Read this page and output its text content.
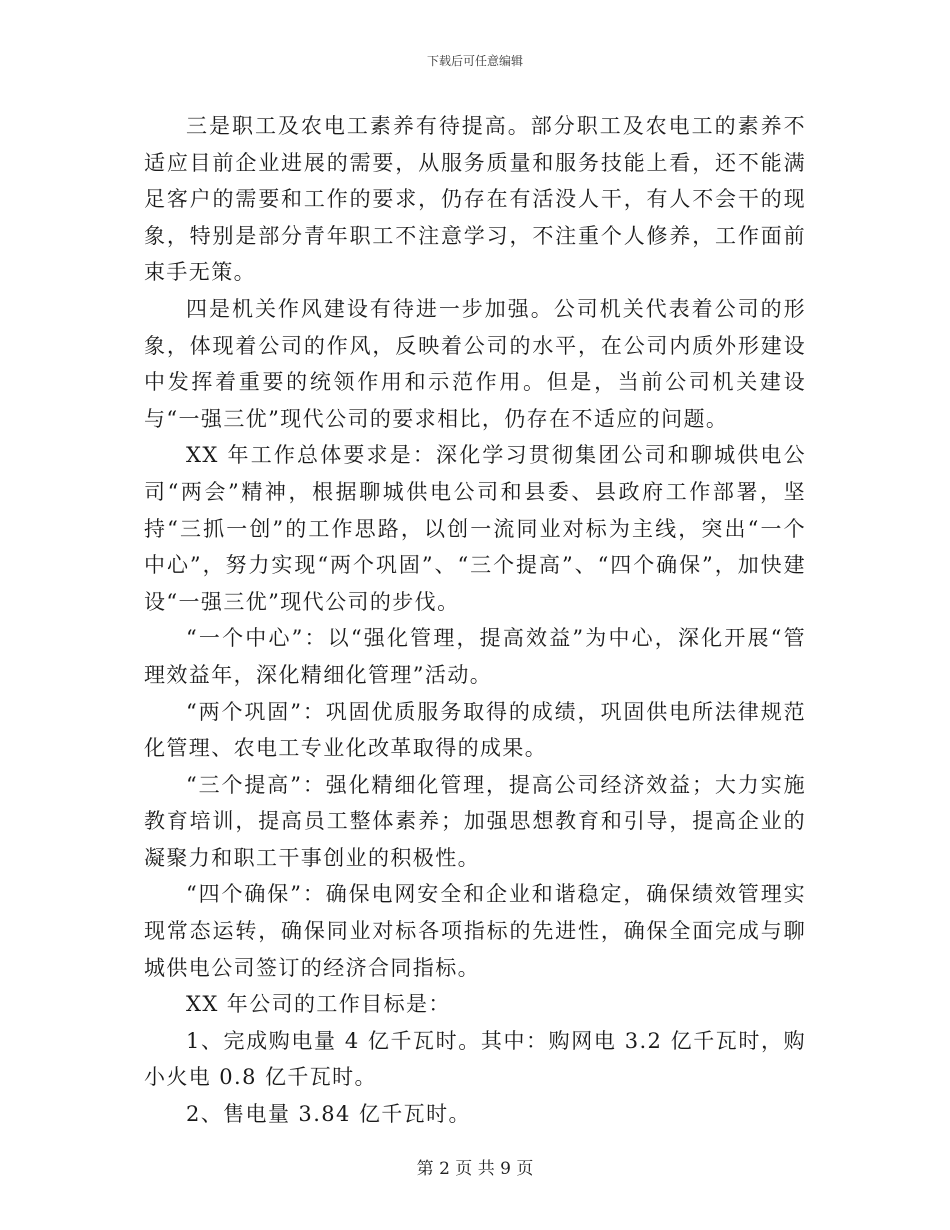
下载后可任意编辑

三是职工及农电工素养有待提高。部分职工及农电工的素养不适应目前企业进展的需要，从服务质量和服务技能上看，还不能满足客户的需要和工作的要求，仍存在有活没人干，有人不会干的现象，特别是部分青年职工不注意学习，不注重个人修养，工作面前束手无策。

四是机关作风建设有待进一步加强。公司机关代表着公司的形象，体现着公司的作风，反映着公司的水平，在公司内质外形建设中发挥着重要的统领作用和示范作用。但是，当前公司机关建设与“一强三优”现代公司的要求相比，仍存在不适应的问题。

XX 年工作总体要求是：深化学习贯彻集团公司和聊城供电公司“两会”精神，根据聊城供电公司和县委、县政府工作部署，坚持“三抓一创”的工作思路，以创一流同业对标为主线，突出“一个中心”，努力实现“两个巩固”、“三个提高”、“四个确保”，加快建设“一强三优”现代公司的步伐。

“一个中心”：以“强化管理，提高效益”为中心，深化开展“管理效益年，深化精细化管理”活动。

“两个巩固”：巩固优质服务取得的成绩，巩固供电所法律规范化管理、农电工专业化改革取得的成果。

“三个提高”：强化精细化管理，提高公司经济效益；大力实施教育培训，提高员工整体素养；加强思想教育和引导，提高企业的凝聚力和职工干事创业的积极性。

“四个确保”：确保电网安全和企业和谐稳定，确保绩效管理实现常态运转，确保同业对标各项指标的先进性，确保全面完成与聊城供电公司签订的经济合同指标。

XX 年公司的工作目标是：

1、完成购电量 4 亿千瓦时。其中：购网电 3.2 亿千瓦时，购小火电 0.8 亿千瓦时。

2、售电量 3.84 亿千瓦时。

第 2 页 共 9 页
